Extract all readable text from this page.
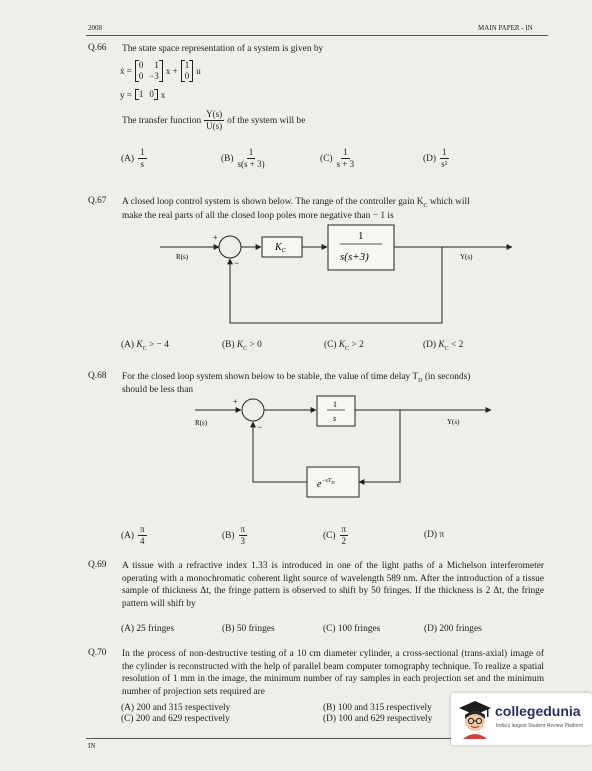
2008	MAIN PAPER - IN
Q.66 The state space representation of a system is given by
ẋ =
0 1
0 −3 x +
1
0 u
y = 1 0 x
The transfer function $\frac{Y(s)}{U(s)}$ of the system will be
$(A) \frac{1}{s}$	$(B) \frac{1}{s(s + 3)}$	$(C) \frac{1}{s + 3}$	$(D) \frac{1}{\text{s²}}$
Q.67 A closed loop control system is shown below. The range of the controller gain $K_C$ which will
make the real parts of all the closed loop poles more negative than − 1 is
R(s)
+
−
$K_C$
1
s(s+3)	Y(s)
(A) $K_C$ > − 4	(B) $K_C > 0$	(C) $K_C > 2$	(D) $K_C < 2$
Q.68 For the closed loop system shown below to be stable, the value of time delay $T_D$ (in seconds)
should be less than
R(s)
+
−
1
s	Y(s)
$e^{-sT}_D$
$(A) \frac{\pi}{4}$	$(B) \frac{\pi}{3}$	$(C) \frac{\pi}{2}$	(D) π
Q.69 A tissue with a refractive index 1.33 is introduced in one of the light paths of a Michelson interferometer operating with a monochromatic coherent light source of wavelength 589 nm. After the introduction of a tissue sample of thickness Δt, the fringe pattern is observed to shift by 50 fringes. If the thickness is 2 Δt, the fringe pattern will shift by
(A) 25 fringes	(B) 50 fringes	(C) 100 fringes	(D) 200 fringes
Q.70 In the process of non-destructive testing of a 10 cm diameter cylinder, a cross-sectional (trans-axial) image of the cylinder is reconstructed with the help of parallel beam computer tomography technique. To realize a spatial resolution of 1 mm in the image, the minimum number of ray samples in each projection set and the minimum number of projection sets required are
(A) 200 and 315 respectively	(B) 100 and 315 respectively
(C) 200 and 629 respectively	(D) 100 and 629 respectively
IN
collegedunia
India's largest Student Review Platform
